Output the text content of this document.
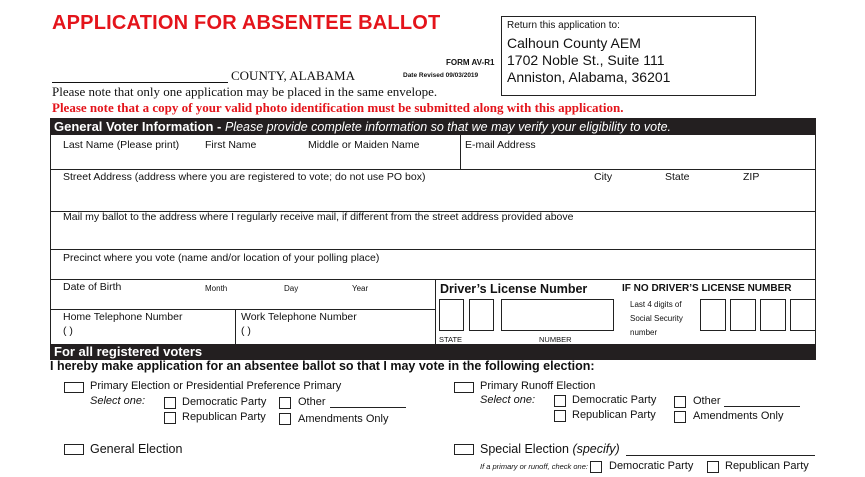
APPLICATION FOR ABSENTEE BALLOT	Return this application to:
Calhoun County AEM
1702 Noble St., Suite 111
Anniston, Alabama, 36201
FORM AV-R1
Date Revised 09/03/2019
COUNTY, ALABAMA
Please note that only one application may be placed in the same envelope.
Please note that a copy of your valid photo identification must be submitted along with this application.
General Voter Information - Please provide complete information so that we may verify your eligibility to vote.
Last Name (Please print) First Name	Middle or Maiden Name	E-mail Address
Street Address (address where you are registered to vote; do not use PO box)	City	State	ZIP
Mail my ballot to the address where I regularly receive mail, if different from the street address provided above
Precinct where you vote (name and/or location of your polling place)
Date of Birth	Month	Day	Year
Home Telephone Number
( )
Work Telephone Number
( )
Driver’s License Number
STATE	NUMBER
IF NO DRIVER’S LICENSE NUMBER
Last 4 digits of
Social Security
number
For all registered voters
I hereby make application for an absentee ballot so that I may vote in the following election:
Primary Election or Presidential Preference Primary
Select one:	Democratic Party	Other
Republican Party	Amendments Only
Primary Runoff Election
Select one:	Democratic Party	Other
Republican Party	Amendments Only
General Election	Special Election (specify)
If a primary or runoff, check one: Democratic Party	Republican Party
